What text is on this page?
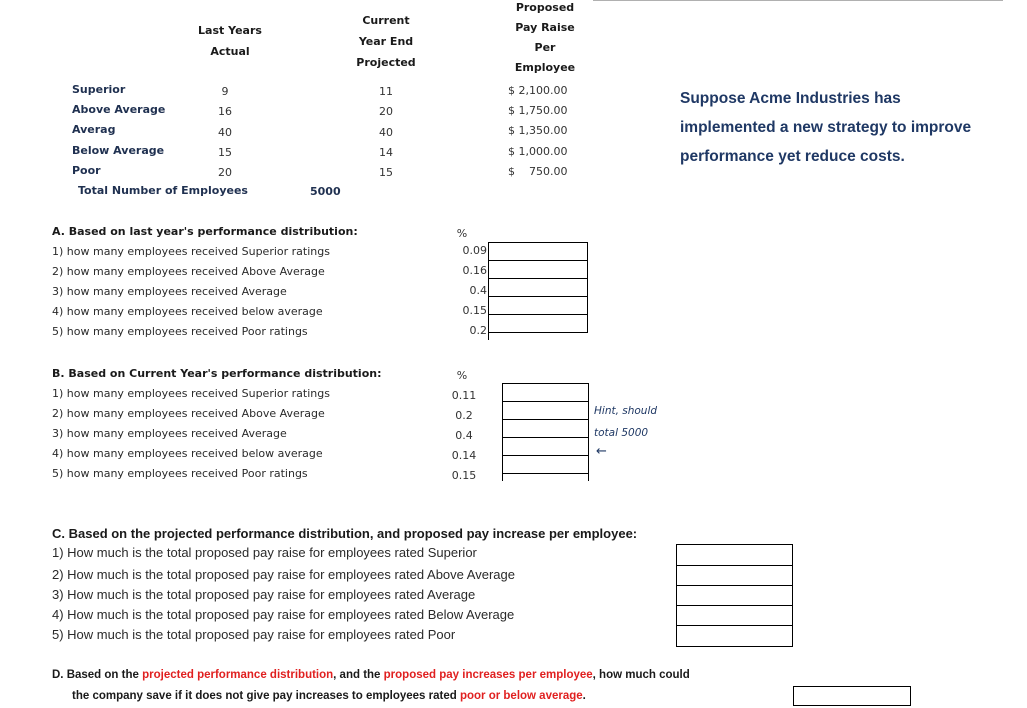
Last Years
Actual
Current
Year End
Projected
Proposed
Pay Raise
Per
Employee
Superior
Above Average
Averag
Below Average
Poor
9
16
40
15
20
11
20
40
14
15
$ 2,100.00
$ 1,750.00
$ 1,350.00
$ 1,000.00
$    750.00
Total Number of Employees	5000
Suppose Acme Industries has implemented a new strategy to improve performance yet reduce costs.
A. Based on last year's performance distribution:
1) how many employees received Superior ratings
2) how many employees received Above Average
3) how many employees received Average
4) how many employees received below average
5) how many employees received Poor ratings
%
0.09
0.16
0.4
0.15
0.2
B. Based on Current Year's performance distribution:
1) how many employees received Superior ratings
2) how many employees received Above Average
3) how many employees received Average
4) how many employees received below average
5) how many employees received Poor ratings
%
0.11
0.2
0.4
0.14
0.15
Hint, should
total 5000
←
C. Based on the projected performance distribution, and proposed pay increase per employee:
1) How much is the total proposed pay raise for employees rated Superior
2) How much is the total proposed pay raise for employees rated Above Average
3) How much is the total proposed pay raise for employees rated Average
4) How much is the total proposed pay raise for employees rated Below Average
5) How much is the total proposed pay raise for employees rated Poor
D. Based on the projected performance distribution, and the proposed pay increases per employee, how much could
the company save if it does not give pay increases to employees rated poor or below average.
